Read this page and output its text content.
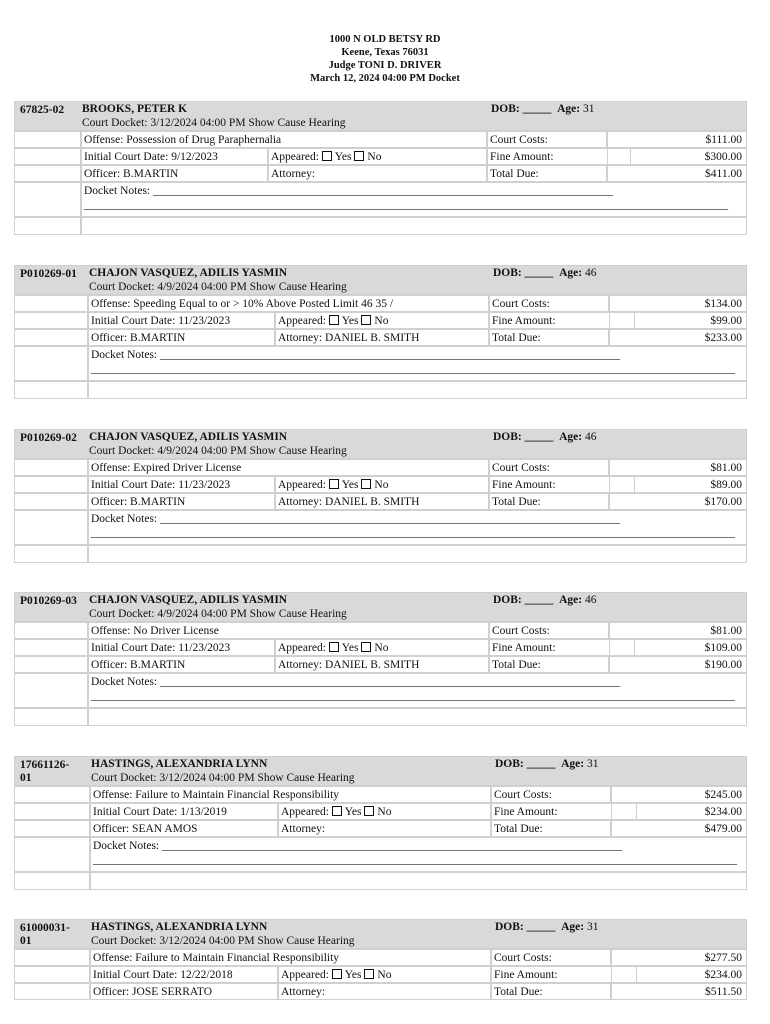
1000 N OLD BETSY RD
Keene, Texas 76031
Judge TONI D. DRIVER
March 12, 2024 04:00 PM Docket
67825-02	BROOKS, PETER K
Court Docket: 3/12/2024 04:00 PM Show Cause Hearing
DOB: _____ Age: 31
Offense: Possession of Drug Paraphernalia	Court Costs:	$111.00
Initial Court Date: 9/12/2023	Appeared: Yes No	Fine Amount:	$300.00
Officer: B.MARTIN	Attorney:	Total Due:	$411.00
Docket Notes: ________________________________________________________________________________
________________________________________________________________________________________________________________
P010269-01 CHAJON VASQUEZ, ADILIS YASMIN
Court Docket: 4/9/2024 04:00 PM Show Cause Hearing
DOB: _____ Age: 46
Offense: Speeding Equal to or > 10% Above Posted Limit 46 35 /	Court Costs:	$134.00
Initial Court Date: 11/23/2023	Appeared: Yes No	Fine Amount:	$99.00
Officer: B.MARTIN	Attorney: DANIEL B. SMITH	Total Due:	$233.00
Docket Notes: ________________________________________________________________________________
________________________________________________________________________________________________________________
P010269-02 CHAJON VASQUEZ, ADILIS YASMIN
Court Docket: 4/9/2024 04:00 PM Show Cause Hearing
DOB: _____ Age: 46
Offense: Expired Driver License	Court Costs:	$81.00
Initial Court Date: 11/23/2023	Appeared: Yes No	Fine Amount:	$89.00
Officer: B.MARTIN	Attorney: DANIEL B. SMITH	Total Due:	$170.00
Docket Notes: ________________________________________________________________________________
________________________________________________________________________________________________________________
P010269-03 CHAJON VASQUEZ, ADILIS YASMIN
Court Docket: 4/9/2024 04:00 PM Show Cause Hearing
DOB: _____ Age: 46
Offense: No Driver License	Court Costs:	$81.00
Initial Court Date: 11/23/2023	Appeared: Yes No	Fine Amount:	$109.00
Officer: B.MARTIN	Attorney: DANIEL B. SMITH	Total Due:	$190.00
Docket Notes: ________________________________________________________________________________
________________________________________________________________________________________________________________
17661126-01
HASTINGS, ALEXANDRIA LYNN
Court Docket: 3/12/2024 04:00 PM Show Cause Hearing
DOB: _____ Age: 31
Offense: Failure to Maintain Financial Responsibility	Court Costs:	$245.00
Initial Court Date: 1/13/2019	Appeared: Yes No	Fine Amount:	$234.00
Officer: SEAN AMOS	Attorney:	Total Due:	$479.00
Docket Notes: ________________________________________________________________________________
________________________________________________________________________________________________________________
61000031-01
HASTINGS, ALEXANDRIA LYNN
Court Docket: 3/12/2024 04:00 PM Show Cause Hearing
DOB: _____ Age: 31
Offense: Failure to Maintain Financial Responsibility	Court Costs:	$277.50
Initial Court Date: 12/22/2018	Appeared: Yes No	Fine Amount:	$234.00
Officer: JOSE SERRATO	Attorney:	Total Due:	$511.50
